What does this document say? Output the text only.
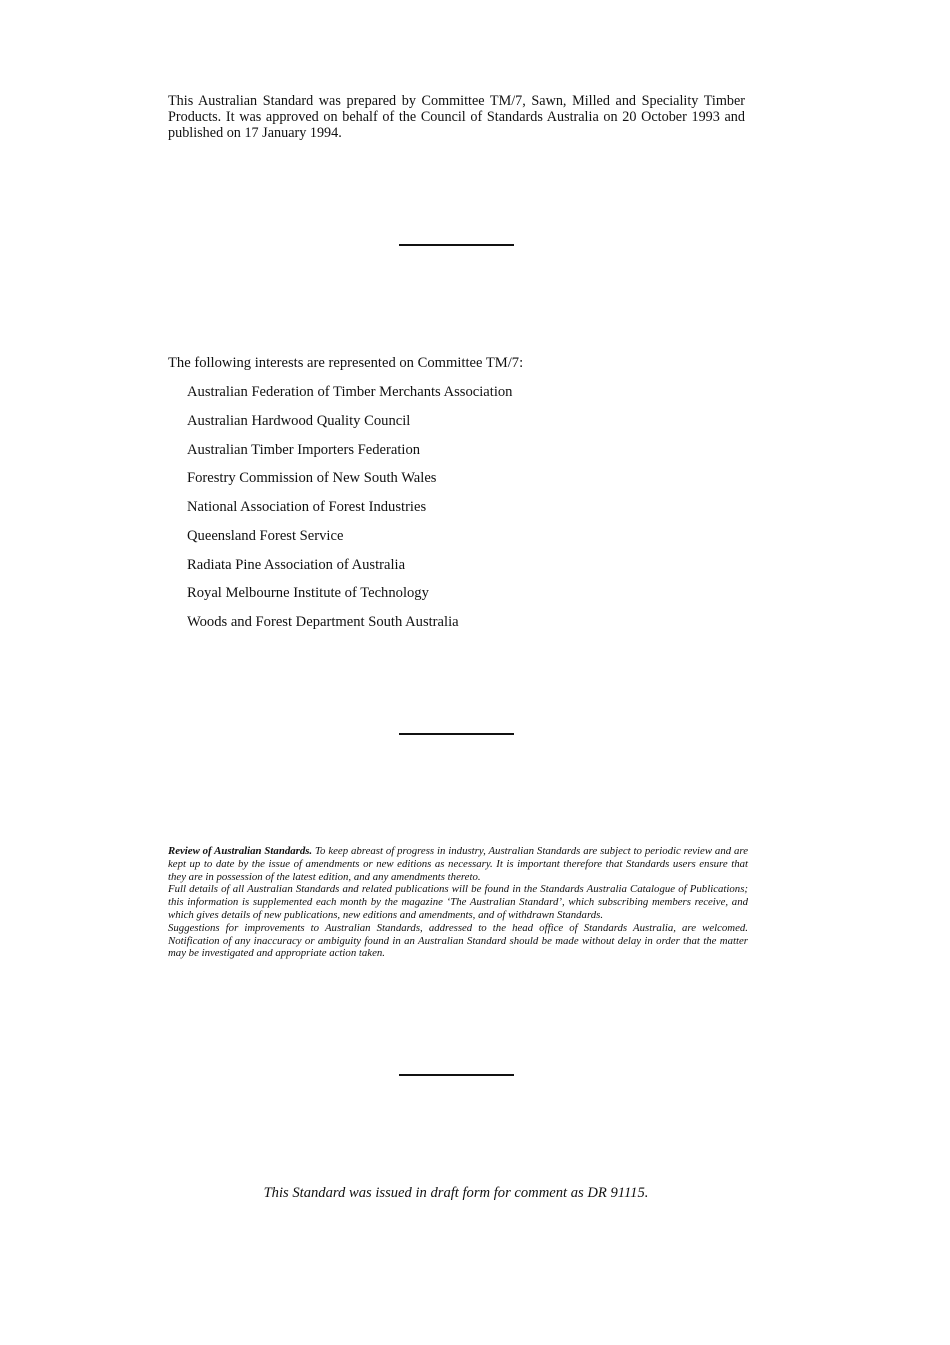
This Australian Standard was prepared by Committee TM/7, Sawn, Milled and Speciality Timber Products. It was approved on behalf of the Council of Standards Australia on 20 October 1993 and published on 17 January 1994.

The following interests are represented on Committee TM/7:

Australian Federation of Timber Merchants Association
Australian Hardwood Quality Council
Australian Timber Importers Federation
Forestry Commission of New South Wales
National Association of Forest Industries
Queensland Forest Service
Radiata Pine Association of Australia
Royal Melbourne Institute of Technology
Woods and Forest Department South Australia

Review of Australian Standards. To keep abreast of progress in industry, Australian Standards are subject to periodic review and are kept up to date by the issue of amendments or new editions as necessary. It is important therefore that Standards users ensure that they are in possession of the latest edition, and any amendments thereto.

Full details of all Australian Standards and related publications will be found in the Standards Australia Catalogue of Publications; this information is supplemented each month by the magazine ‘The Australian Standard’, which subscribing members receive, and which gives details of new publications, new editions and amendments, and of withdrawn Standards.

Suggestions for improvements to Australian Standards, addressed to the head office of Standards Australia, are welcomed. Notification of any inaccuracy or ambiguity found in an Australian Standard should be made without delay in order that the matter may be investigated and appropriate action taken.

This Standard was issued in draft form for comment as DR 91115.
